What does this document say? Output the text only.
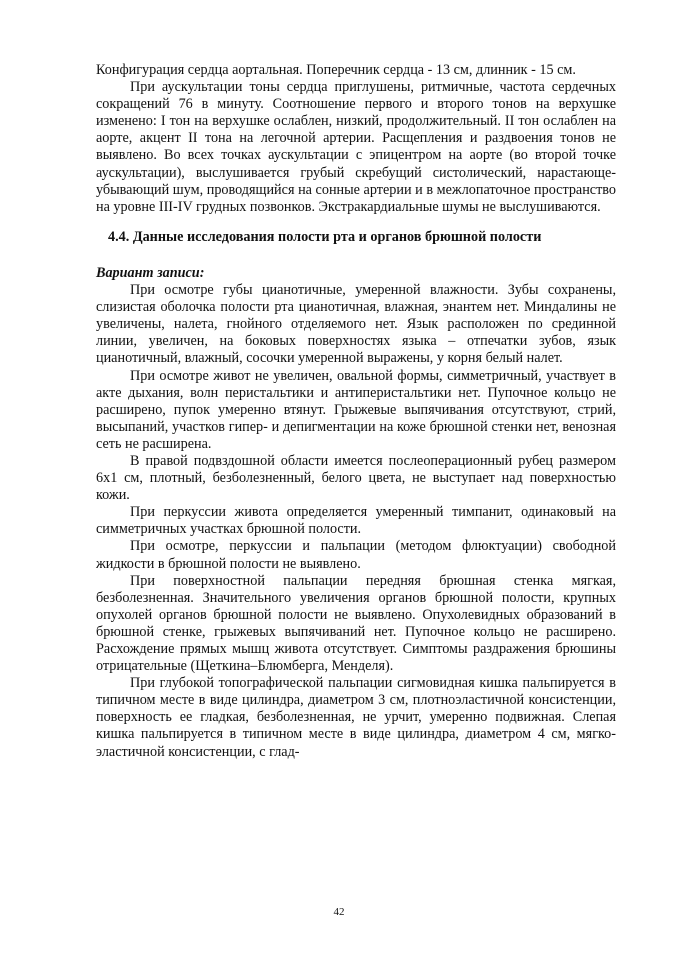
Конфигурация сердца аортальная. Поперечник сердца - 13 см, длинник - 15 см.

При аускультации тоны сердца приглушены, ритмичные, частота сердечных сокращений 76 в минуту. Соотношение первого и второго тонов на верхушке изменено: I тон на верхушке ослаблен, низкий, продолжительный. II тон ослаблен на аорте, акцент II тона на легочной артерии. Расщепления и раздвоения тонов не выявлено. Во всех точках аускультации с эпицентром на аорте (во второй точке аускультации), выслушивается грубый скребущий систолический, нарастающе-убывающий шум, проводящийся на сонные артерии и в межлопаточное пространство на уровне III-IV грудных позвонков. Экстракардиальные шумы не выслушиваются.

4.4. Данные исследования полости рта и органов брюшной полости

Вариант записи:

При осмотре губы цианотичные, умеренной влажности. Зубы сохранены, слизистая оболочка полости рта цианотичная, влажная, энантем нет. Миндалины не увеличены, налета, гнойного отделяемого нет. Язык расположен по срединной линии, увеличен, на боковых поверхностях языка – отпечатки зубов, язык цианотичный, влажный, сосочки умеренной выражены, у корня белый налет.

При осмотре живот не увеличен, овальной формы, симметричный, участвует в акте дыхания, волн перистальтики и антиперистальтики нет. Пупочное кольцо не расширено, пупок умеренно втянут. Грыжевые выпячивания отсутствуют, стрий, высыпаний, участков гипер- и депигментации на коже брюшной стенки нет, венозная сеть не расширена.

В правой подвздошной области имеется послеоперационный рубец размером 6x1 см, плотный, безболезненный, белого цвета, не выступает над поверхностью кожи.

При перкуссии живота определяется умеренный тимпанит, одинаковый на симметричных участках брюшной полости.

При осмотре, перкуссии и пальпации (методом флюктуации) свободной жидкости в брюшной полости не выявлено.

При поверхностной пальпации передняя брюшная стенка мягкая, безболезненная. Значительного увеличения органов брюшной полости, крупных опухолей органов брюшной полости не выявлено. Опухолевидных образований в брюшной стенке, грыжевых выпячиваний нет. Пупочное кольцо не расширено. Расхождение прямых мышц живота отсутствует. Симптомы раздражения брюшины отрицательные (Щеткина–Блюмберга, Менделя).

При глубокой топографической пальпации сигмовидная кишка пальпируется в типичном месте в виде цилиндра, диаметром 3 см, плотноэластичной консистенции, поверхность ее гладкая, безболезненная, не урчит, умеренно подвижная. Слепая кишка пальпируется в типичном месте в виде цилиндра, диаметром 4 см, мягко-эластичной консистенции, с глад-

42
